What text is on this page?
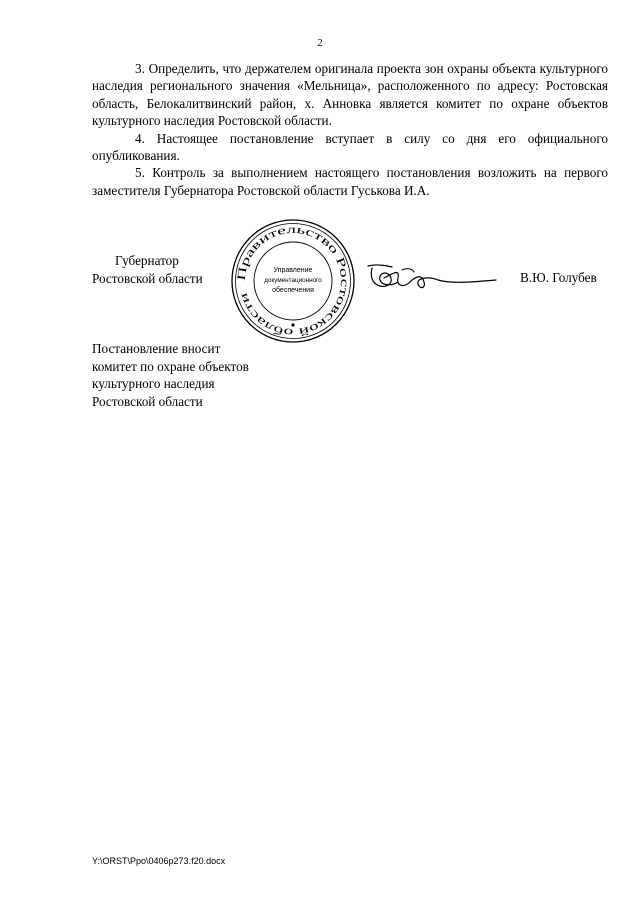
2

3. Определить, что держателем оригинала проекта зон охраны объекта культурного наследия регионального значения «Мельница», расположенного по адресу: Ростовская область, Белокалитвинский район, х. Анновка является комитет по охране объектов культурного наследия Ростовской области.

4. Настоящее постановление вступает в силу со дня его официального опубликования.

5. Контроль за выполнением настоящего постановления возложить на первого заместителя Губернатора Ростовской области Гуськова И.А.

Губернатор
Ростовской области	Правительство Ростовской области
Управление
документационного
обеспечения
В.Ю. Голубев
Постановление вносит
комитет по охране объектов
культурного наследия
Ростовской области
Y:\ORST\Ppo\0406p273.f20.docx
